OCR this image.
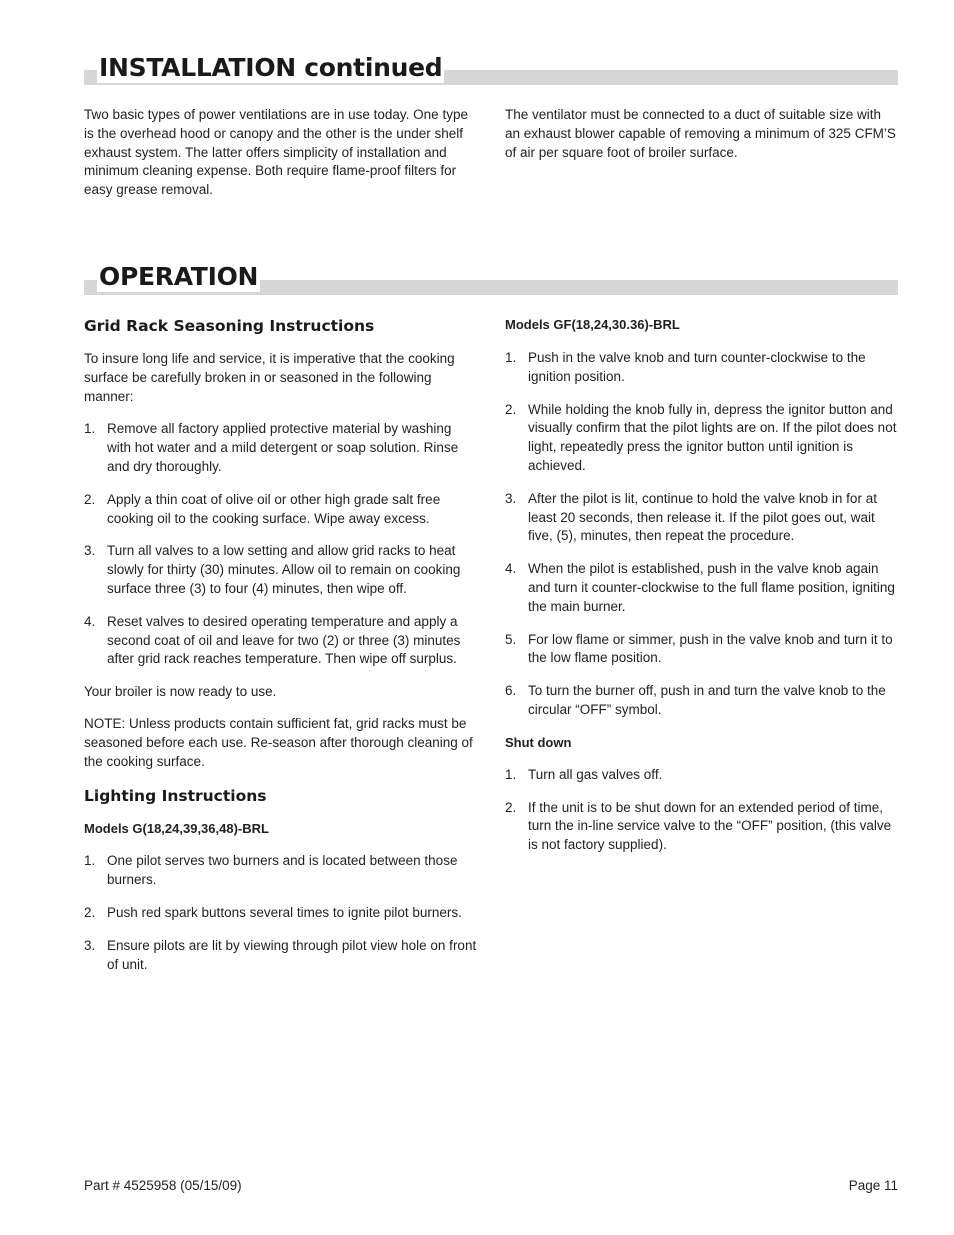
INSTALLATION continued

Two basic types of power ventilations are in use today. One type is the overhead hood or canopy and the other is the under shelf exhaust system. The latter offers simplicity of installation and minimum cleaning expense. Both require flame-proof filters for easy grease removal.

The ventilator must be connected to a duct of suitable size with an exhaust blower capable of removing a minimum of 325 CFM’S of air per square foot of broiler surface.

OPERATION
Grid Rack Seasoning Instructions

To insure long life and service, it is imperative that the cooking surface be carefully broken in or seasoned in the following manner:

1. Remove all factory applied protective material by washing with hot water and a mild detergent or soap solution. Rinse and dry thoroughly.
2. Apply a thin coat of olive oil or other high grade salt free cooking oil to the cooking surface. Wipe away excess.
3. Turn all valves to a low setting and allow grid racks to heat slowly for thirty (30) minutes. Allow oil to remain on cooking surface three (3) to four (4) minutes, then wipe off.
4. Reset valves to desired operating temperature and apply a second coat of oil and leave for two (2) or three (3) minutes after grid rack reaches temperature. Then wipe off surplus.

Your broiler is now ready to use.

NOTE: Unless products contain sufficient fat, grid racks must be seasoned before each use. Re-season after thorough cleaning of the cooking surface.

Lighting Instructions
Models G(18,24,39,36,48)-BRL
1. One pilot serves two burners and is located between those burners.
2. Push red spark buttons several times to ignite pilot burners.
3. Ensure pilots are lit by viewing through pilot view hole on front of unit.
Models GF(18,24,30.36)-BRL
1. Push in the valve knob and turn counter-clockwise to the ignition position.
2. While holding the knob fully in, depress the ignitor button and visually confirm that the pilot lights are on. If the pilot does not light, repeatedly press the ignitor button until ignition is achieved.
3. After the pilot is lit, continue to hold the valve knob in for at least 20 seconds, then release it. If the pilot goes out, wait five, (5), minutes, then repeat the procedure.
4. When the pilot is established, push in the valve knob again and turn it counter-clockwise to the full flame position, igniting the main burner.
5. For low flame or simmer, push in the valve knob and turn it to the low flame position.
6. To turn the burner off, push in and turn the valve knob to the circular “OFF” symbol.
Shut down
1. Turn all gas valves off.
2. If the unit is to be shut down for an extended period of time, turn the in-line service valve to the “OFF” position, (this valve is not factory supplied).
Part # 4525958 (05/15/09)	Page 11
